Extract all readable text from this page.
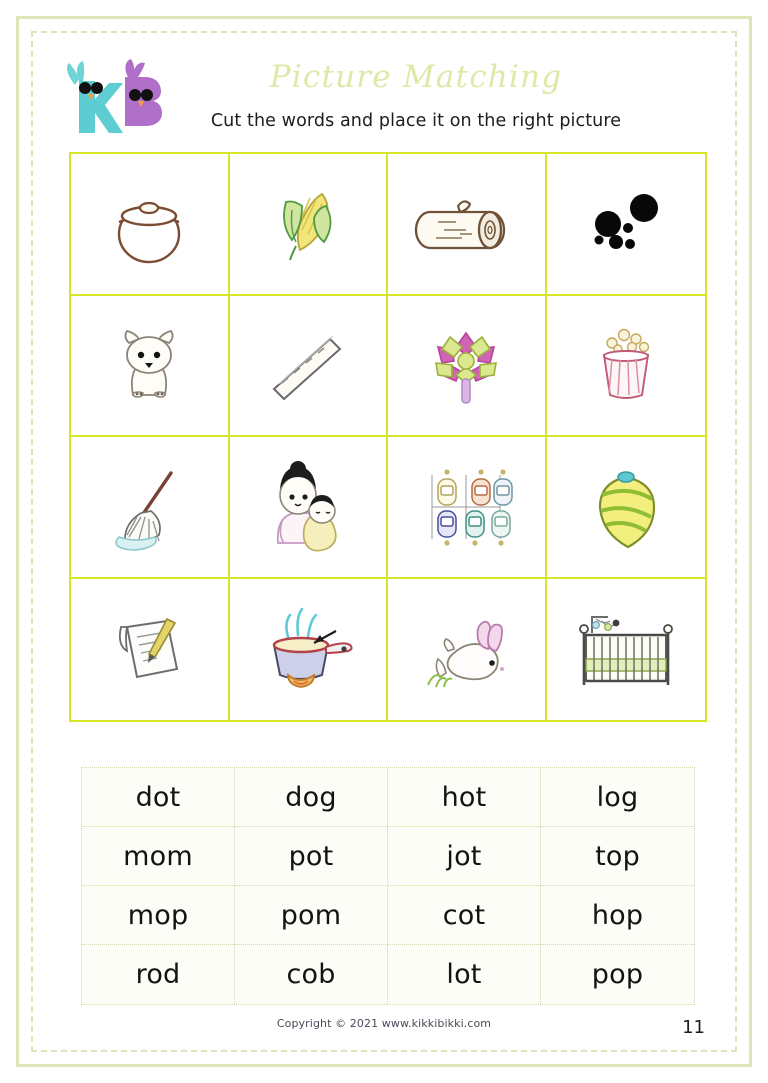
Picture Matching
Cut the words and place it on the right picture
dot	dog	hot	log
mom	pot	jot	top
mop	pom	cot	hop
rod	cob	lot	pop
Copyright © 2021 www.kikkibikki.com	11
